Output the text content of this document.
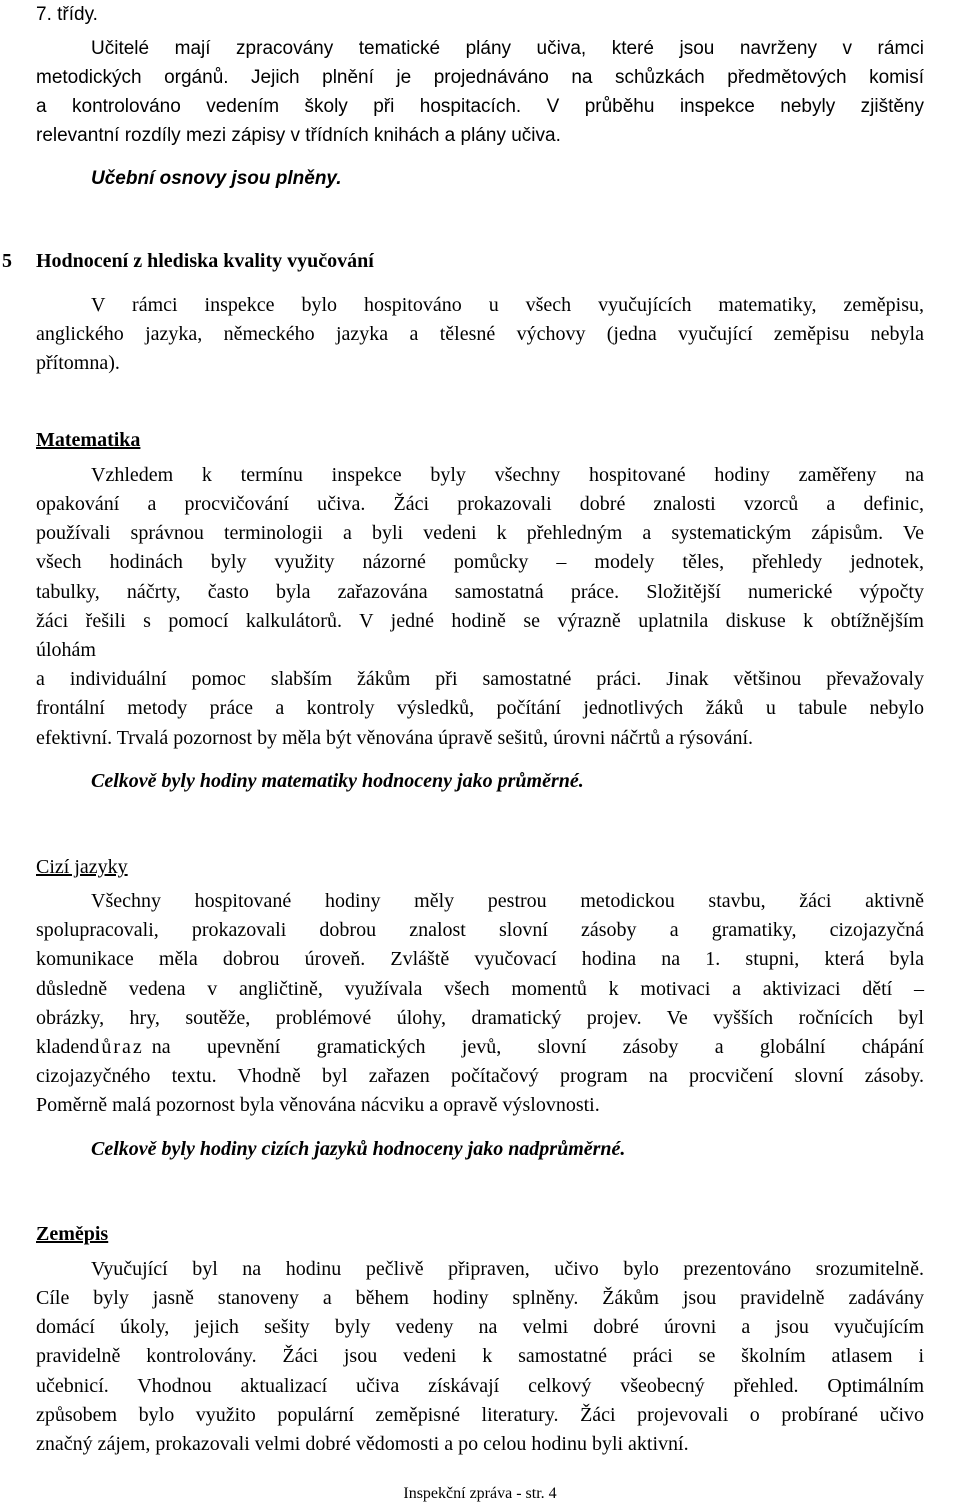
7. třídy.
Učitelé mají zpracovány tematické plány učiva, které jsou navrženy v rámci
metodických orgánů. Jejich plnění je projednáváno na schůzkách předmětových komisí
a kontrolováno vedením školy při hospitacích. V průběhu inspekce nebyly zjištěny
relevantní rozdíly mezi zápisy v třídních knihách a plány učiva.
Učební osnovy jsou plněny.
5 Hodnocení z hlediska kvality vyučování
V rámci inspekce bylo hospitováno u všech vyučujících matematiky, zeměpisu,
anglického jazyka, německého jazyka a tělesné výchovy (jedna vyučující zeměpisu nebyla
přítomna).
Matematika
Vzhledem k termínu inspekce byly všechny hospitované hodiny zaměřeny na
opakování a procvičování učiva. Žáci prokazovali dobré znalosti vzorců a definic,
používali správnou terminologii a byli vedeni k přehledným a systematickým zápisům. Ve
všech hodinách byly využity názorné pomůcky – modely těles, přehledy jednotek,
tabulky, náčrty, často byla zařazována samostatná práce. Složitější numerické výpočty
žáci řešili s pomocí kalkulátorů. V jedné hodině se výrazně uplatnila diskuse k obtížnějším
úlohám
a individuální pomoc slabším žákům při samostatné práci. Jinak většinou převažovaly
frontální metody práce a kontroly výsledků, počítání jednotlivých žáků u tabule nebylo
efektivní. Trvalá pozornost by měla být věnována úpravě sešitů, úrovni náčrtů a rýsování.
Celkově byly hodiny matematiky hodnoceny jako průměrné.
Cizí jazyky
Všechny hospitované hodiny měly pestrou metodickou stavbu, žáci aktivně
spolupracovali, prokazovali dobrou znalost slovní zásoby a gramatiky, cizojazyčná
komunikace měla dobrou úroveň. Zvláště vyučovací hodina na 1. stupni, která byla
důsledně vedena v angličtině, využívala všech momentů k motivaci a aktivizaci dětí –
obrázky, hry, soutěže, problémové úlohy, dramatický projev. Ve vyšších ročnících byl
kladen důraz na upevnění gramatických jevů, slovní zásoby a globální chápání
cizojazyčného textu. Vhodně byl zařazen počítačový program na procvičení slovní zásoby.
Poměrně malá pozornost byla věnována nácviku a opravě výslovnosti.
Celkově byly hodiny cizích jazyků hodnoceny jako nadprůměrné.
Zeměpis
Vyučující byl na hodinu pečlivě připraven, učivo bylo prezentováno srozumitelně.
Cíle byly jasně stanoveny a během hodiny splněny. Žákům jsou pravidelně zadávány
domácí úkoly, jejich sešity byly vedeny na velmi dobré úrovni a jsou vyučujícím
pravidelně kontrolovány. Žáci jsou vedeni k samostatné práci se školním atlasem i
učebnicí. Vhodnou aktualizací učiva získávají celkový všeobecný přehled. Optimálním
způsobem bylo využito populární zeměpisné literatury. Žáci projevovali o probírané učivo
značný zájem, prokazovali velmi dobré vědomosti a po celou hodinu byli aktivní.
Inspekční zpráva - str. 4
